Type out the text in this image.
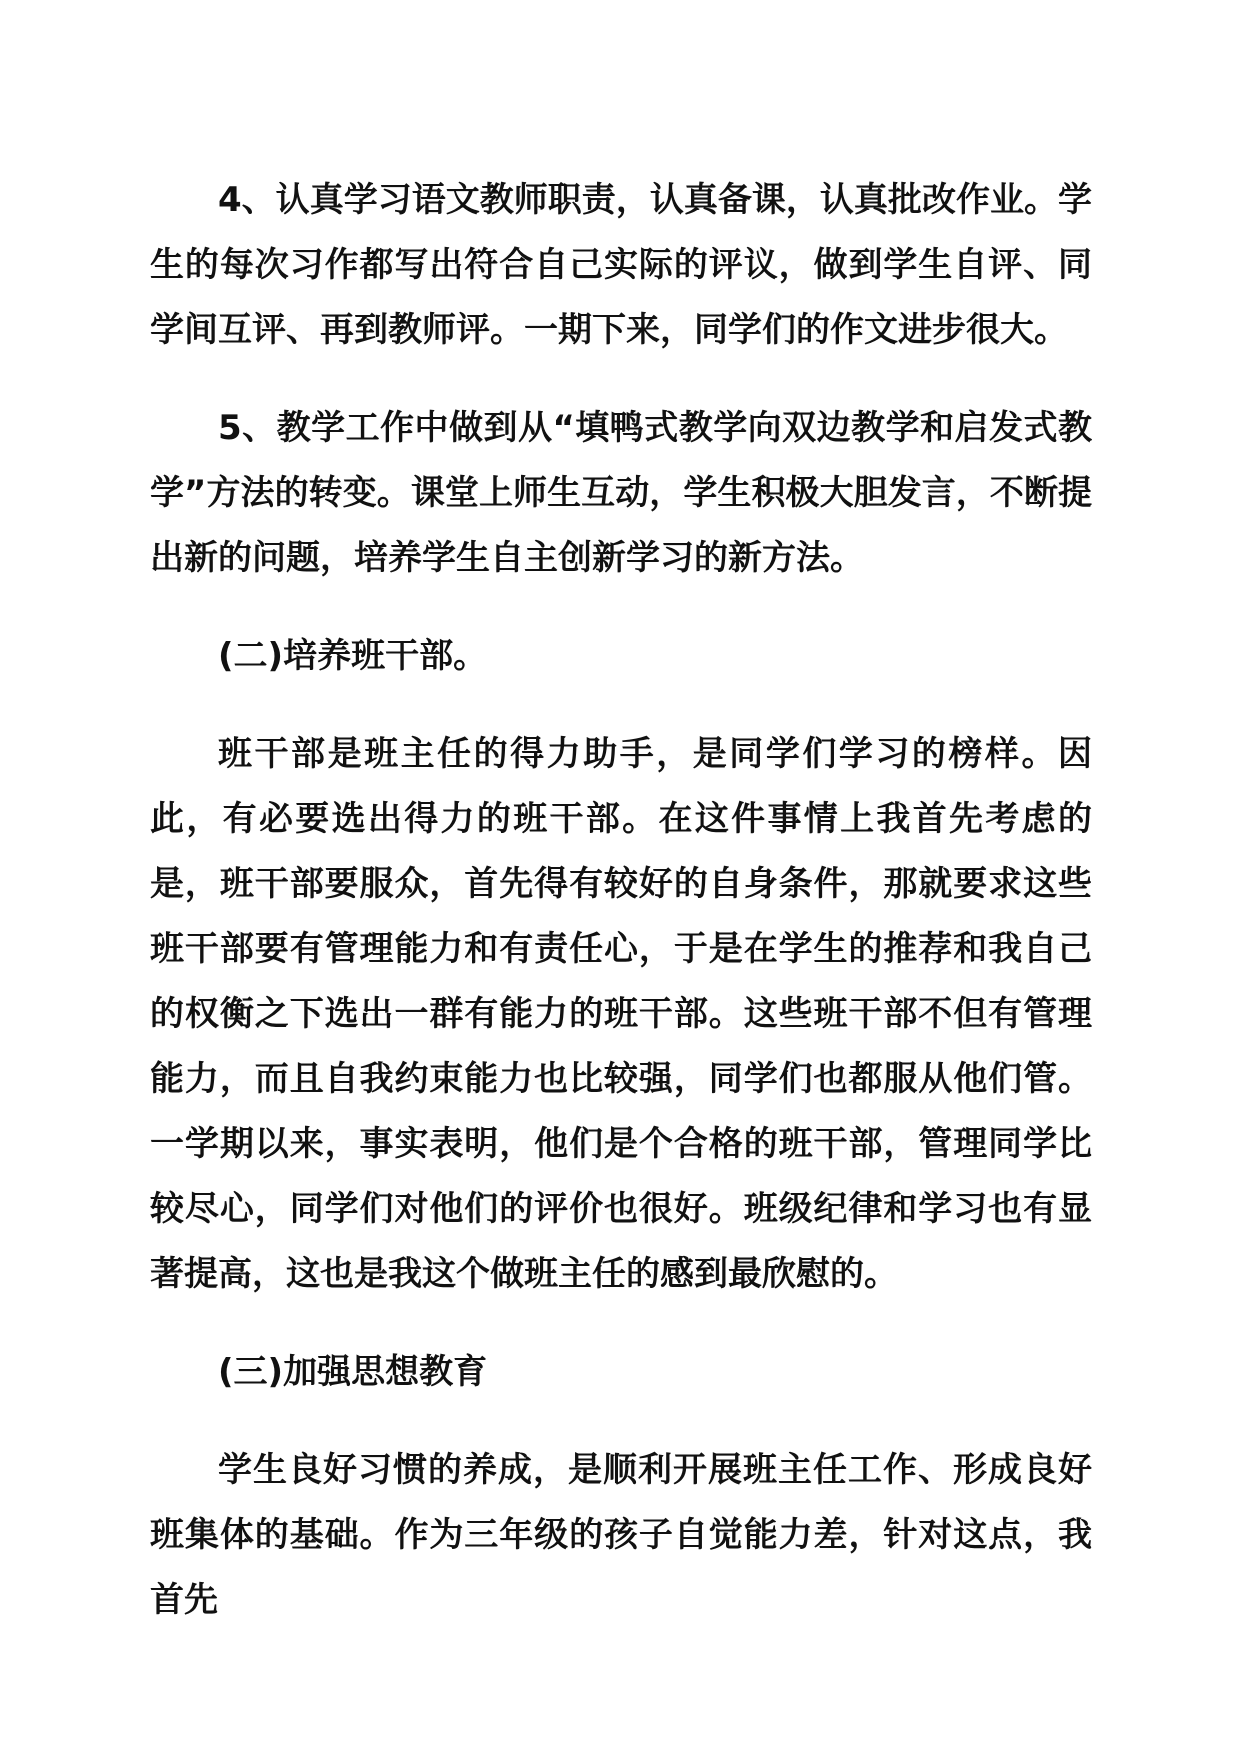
4、认真学习语文教师职责，认真备课，认真批改作业。学生的每次习作都写出符合自己实际的评议，做到学生自评、同学间互评、再到教师评。一期下来，同学们的作文进步很大。

5、教学工作中做到从“填鸭式教学向双边教学和启发式教学”方法的转变。课堂上师生互动，学生积极大胆发言，不断提出新的问题，培养学生自主创新学习的新方法。

(二)培养班干部。

班干部是班主任的得力助手，是同学们学习的榜样。因此，有必要选出得力的班干部。在这件事情上我首先考虑的是，班干部要服众，首先得有较好的自身条件，那就要求这些班干部要有管理能力和有责任心，于是在学生的推荐和我自己的权衡之下选出一群有能力的班干部。这些班干部不但有管理能力，而且自我约束能力也比较强，同学们也都服从他们管。一学期以来，事实表明，他们是个合格的班干部，管理同学比较尽心，同学们对他们的评价也很好。班级纪律和学习也有显著提高，这也是我这个做班主任的感到最欣慰的。

(三)加强思想教育

学生良好习惯的养成，是顺利开展班主任工作、形成良好班集体的基础。作为三年级的孩子自觉能力差，针对这点，我首先
